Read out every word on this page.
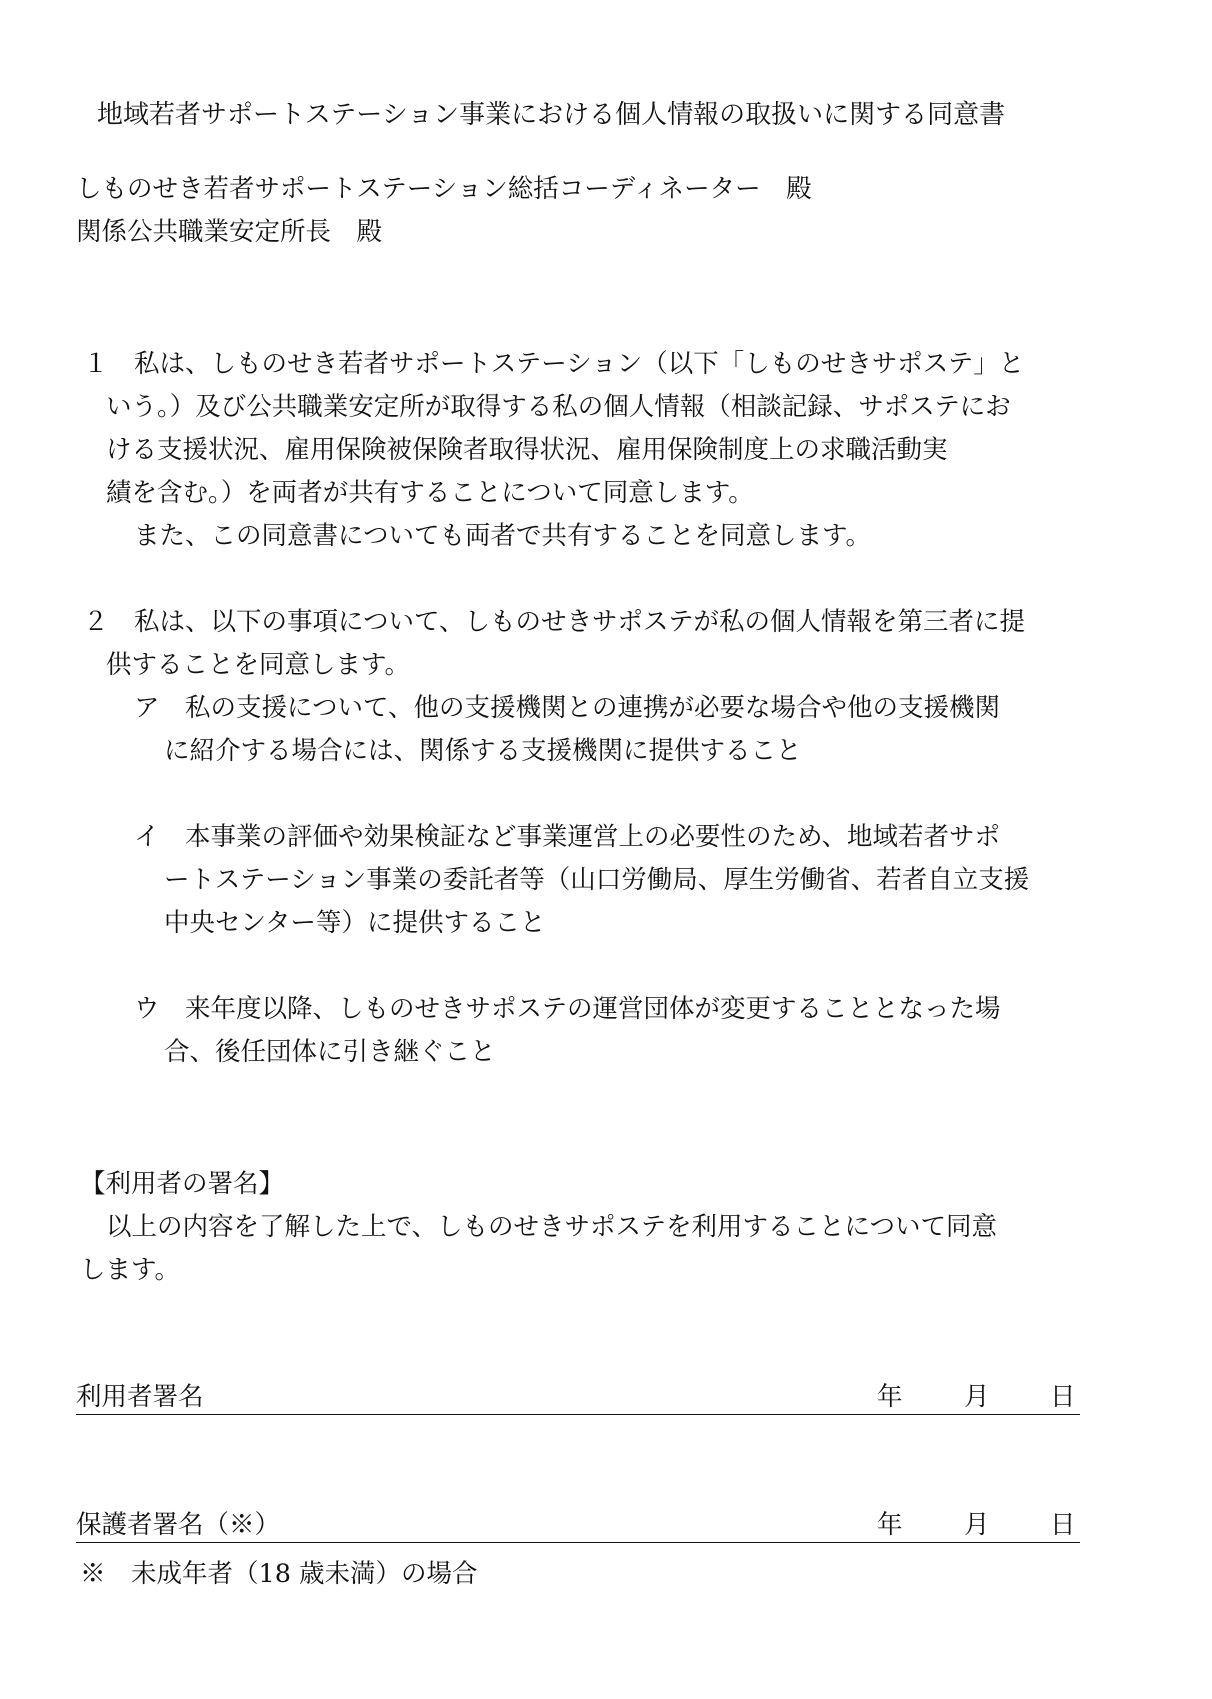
地域若者サポートステーション事業における個人情報の取扱いに関する同意書
しものせき若者サポートステーション総括コーディネーター　殿
関係公共職業安定所長　殿
１　私は、しものせき若者サポートステーション（以下「しものせきサポステ」と
いう。）及び公共職業安定所が取得する私の個人情報（相談記録、サポステにお
ける支援状況、雇用保険被保険者取得状況、雇用保険制度上の求職活動実
績を含む。）を両者が共有することについて同意します。
また、この同意書についても両者で共有することを同意します。
２　私は、以下の事項について、しものせきサポステが私の個人情報を第三者に提
供することを同意します。
ア　私の支援について、他の支援機関との連携が必要な場合や他の支援機関
に紹介する場合には、関係する支援機関に提供すること
イ　本事業の評価や効果検証など事業運営上の必要性のため、地域若者サポ
ートステーション事業の委託者等（山口労働局、厚生労働省、若者自立支援
中央センター等）に提供すること
ウ　来年度以降、しものせきサポステの運営団体が変更することとなった場
合、後任団体に引き継ぐこと
【利用者の署名】
以上の内容を了解した上で、しものせきサポステを利用することについて同意
します。
利用者署名	年 月 日
保護者署名（※）	年 月 日
※　未成年者（18 歳未満）の場合
